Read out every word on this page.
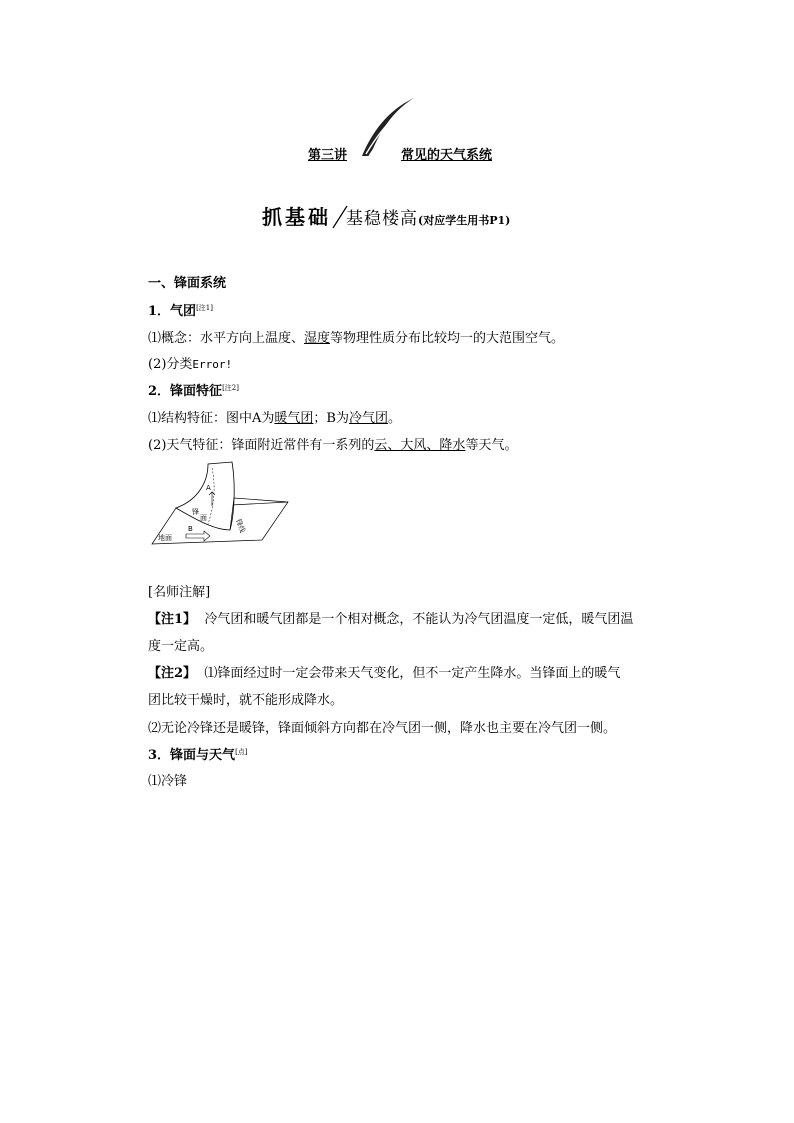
第三讲	常见的天气系统
抓基础 基稳楼高(对应学生用书P1)
一、锋面系统
1．气团[注1]
⑴概念：水平方向上温度、湿度等物理性质分布比较均一的大范围空气。
(2)分类Error!
2．锋面特征[注2]
⑴结构特征：图中A为暖气团；B为冷气团。
(2)天气特征：锋面附近常伴有一系列的云、大风、降水等天气。
A
B
地面
锋
面	锋线
[名师注解]
【注1】 冷气团和暖气团都是一个相对概念，不能认为冷气团温度一定低，暖气团温
度一定高。
【注2】 ⑴锋面经过时一定会带来天气变化，但不一定产生降水。当锋面上的暖气
团比较干燥时，就不能形成降水。
⑵无论冷锋还是暖锋，锋面倾斜方向都在冷气团一侧，降水也主要在冷气团一侧。
3．锋面与天气[点]
⑴冷锋
